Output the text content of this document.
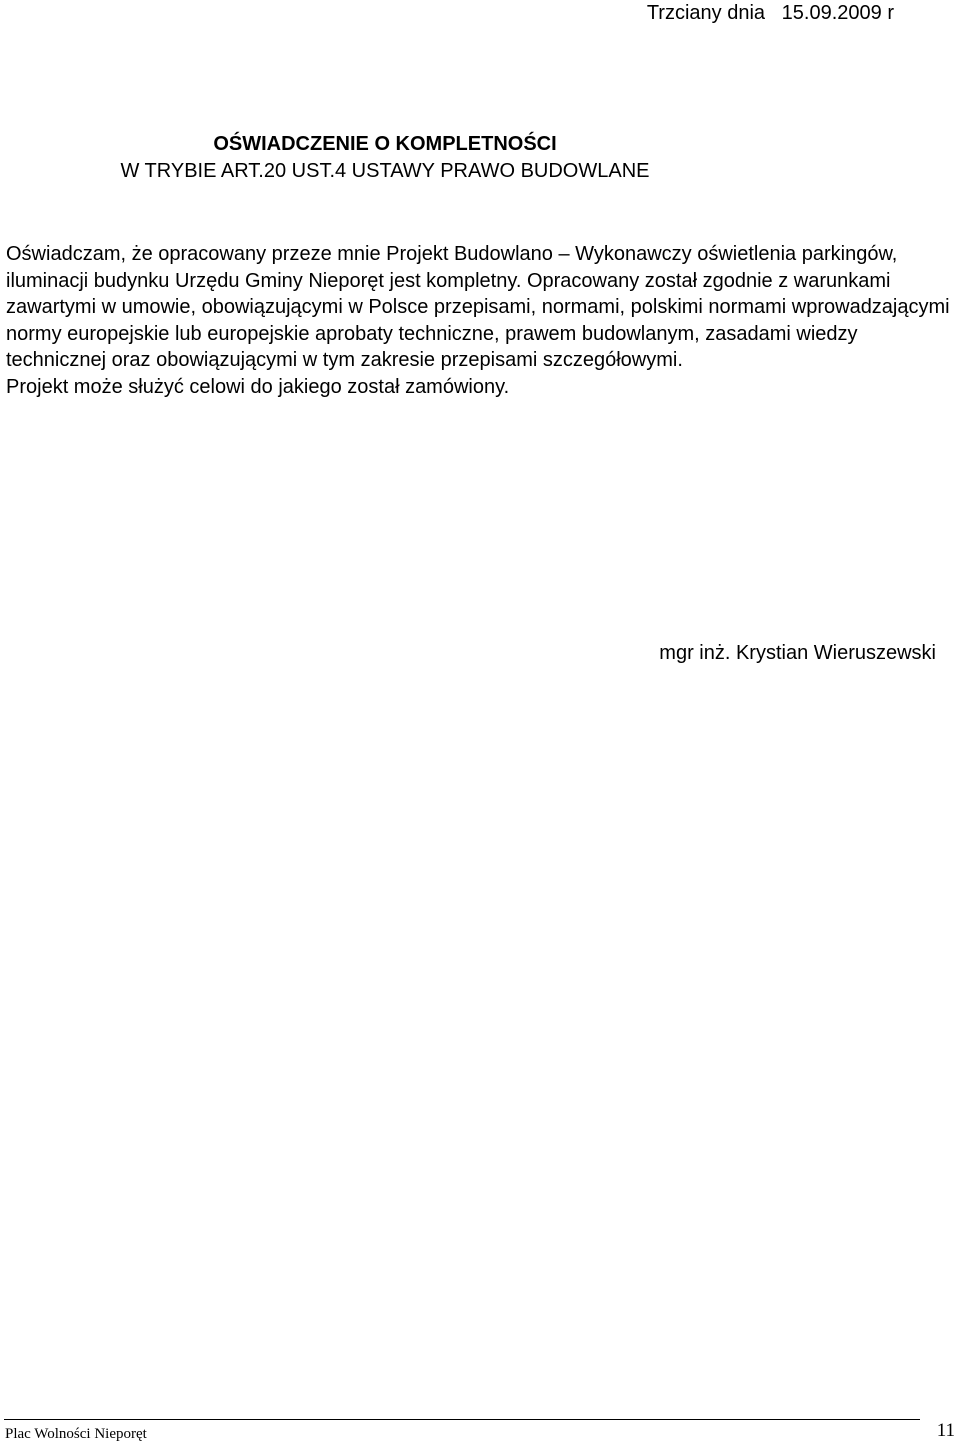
Trzciany dnia   15.09.2009 r
OŚWIADCZENIE O KOMPLETNOŚCI
W TRYBIE ART.20 UST.4 USTAWY PRAWO BUDOWLANE

Oświadczam, że opracowany przeze mnie Projekt Budowlano – Wykonawczy oświetlenia parkingów, iluminacji budynku Urzędu Gminy Nieporęt jest kompletny. Opracowany został zgodnie z warunkami zawartymi w umowie, obowiązującymi w Polsce przepisami, normami, polskimi normami wprowadzającymi normy europejskie lub europejskie aprobaty techniczne, prawem budowlanym, zasadami wiedzy technicznej oraz obowiązującymi w tym zakresie przepisami szczegółowymi.

Projekt może służyć celowi do jakiego został zamówiony.

mgr inż. Krystian Wieruszewski
Plac Wolności Nieporęt	11
